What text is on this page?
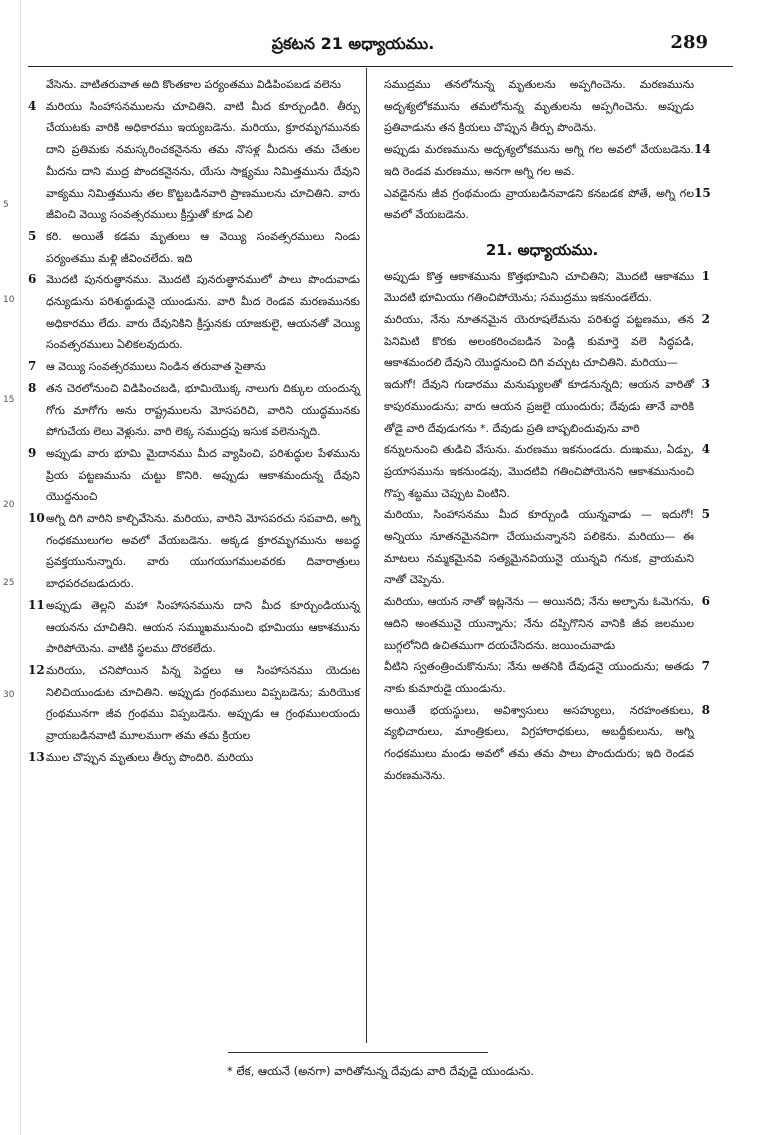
5
10
15
20
25
30
ప్రకటన 21 అధ్యాయము.	289

వేసెను. వాటితరువాత అది కొంతకాల పర్యంతము విడిపింపబడ వలెను

4 మరియు సింహాసనములను చూచితిని. వాటి మీద కూర్చుండిరి. తీర్పు చేయుటకు వారికి అధికారము ఇయ్యబడెను. మరియు, క్రూరమృగమునకు దాని ప్రతిమకు నమస్కరించకనైనను తమ నొసళ్ల మీదను తమ చేతుల మీదను దాని ముద్ర పొందకనైనను, యేసు సాక్ష్యము నిమిత్తమును దేవుని వాక్యము నిమిత్తమును తల కొట్టబడినవారి ప్రాణములను చూచితిని. వారు జీవించి వెయ్యి సంవత్సరములు క్రీస్తుతో కూడ ఏలి

5 కరి. అయితే కడమ మృతులు ఆ వెయ్యి సంవత్సరములు నిండు పర్యంతము మళ్లి జీవించలేదు. ఇది

6 మొదటి పునరుత్థానము. మొదటి పునరుత్థానములో పాలు పొందువాడు ధన్యుడును పరిశుద్ధుడునై యుండును. వారి మీద రెండవ మరణమునకు అధికారము లేదు. వారు దేవునికిని క్రీస్తునకు యాజకులై, ఆయనతో వెయ్యి సంవత్సరములు ఏలికలవుదురు.

7 ఆ వెయ్యి సంవత్సరములు నిండిన తరువాత సైతాను

8 తన చెరలోనుంచి విడిపించబడి, భూమియొక్క నాలుగు దిక్కుల యందున్న గోగు మాగోగు అను రాష్ట్రములను మోసపరిచి, వారిని యుద్ధమునకు పోగుచేయ లెలు వెళ్లును. వారి లెక్క సముద్రపు ఇసుక వలెనున్నది.

9 అప్పుడు వారు భూమి మైదానము మీద వ్యాపించి, పరిశుద్ధుల పేళమును ప్రియ పట్టణమును చుట్టు కొనిరి. అప్పుడు ఆకాశమందున్న దేవుని యొద్దనుంచి

10 అగ్ని దిగి వారిని కాల్చివేసెను. మరియు, వారిని మోసపరచు సపవాది, అగ్ని గంధకములుగల అవలో వేయబడెను. అక్కడ క్రూరమృగమును అబద్ధ ప్రవక్తయునున్నారు. వారు యుగయుగములవరకు దివారాత్రులు బాధపరచబడుదురు.

11 అప్పుడు తెల్లని మహా సింహాసనమును దాని మీద కూర్చుండియున్న ఆయనను చూచితిని. ఆయన సమ్ముఖమునుంచి భూమియు ఆకాశమును పారిపోయెను. వాటికి స్థలము దొరకలేదు.

12 మరియు, చనిపోయిన పిన్న పెద్దలు ఆ సింహాసనము యెదుట నిలిచియుండుట చూచితిని. అప్పుడు గ్రంథములు విప్పబడెను; మరియొక గ్రంథమునగా జీవ గ్రంథము విప్పబడెను. అప్పుడు ఆ గ్రంథములయందు వ్రాయబడినవాటి మూలముగా తమ తమ క్రియల

13 ముల చొప్పున మృతులు తీర్పు పొందిరి. మరియు

సముద్రము తనలోనున్న మృతులను అప్పగించెను. మరణమును అదృశ్యలోకమును తమలోనున్న మృతులను అప్పగించెను. అప్పుడు ప్రతివాడును తన క్రియలు చొప్పున తీర్పు పొందెను.

అప్పుడు మరణమును అదృశ్యలోకమును అగ్ని గల అవలో వేయబడెను. ఇది రెండవ మరణము, అనగా అగ్ని గల అవ.

14

ఎవడైనను జీవ గ్రంథమందు వ్రాయబడినవాడని కనబడక పోతే, అగ్ని గల అవలో వేయబడెను.

15
21. అధ్యాయము.

అప్పుడు కొత్త ఆకాశమును కొత్తభూమిని చూచితిని; మొదటి ఆకాశము మొదటి భూమియు గతించిపోయెను; సముద్రము ఇకనుండలేదు.

1

మరియు, నేను నూతనమైన యెరూషలేమను పరిశుద్ధ పట్టణము, తన పెనిమిటి కొరకు అలంకరించబడిన పెండ్లి కుమార్తె వలె సిద్ధపడి, ఆకాశమందలి దేవుని యొద్దనుంచి దిగి వచ్చుట చూచితిని. మరియు—

2

ఇదుగో! దేవుని గుడారము మనుష్యులతో కూడనున్నది; ఆయన వారితో కాపురముండును; వారు ఆయన ప్రజలై యుందురు; దేవుడు తానే వారికి తోడై వారి దేవుడుగను *. దేవుడు ప్రతి బాష్పబిందువును వారి

3

కన్నులనుంచి తుడిచి వేసును. మరణము ఇకనుండదు. దుఃఖము, ఏడ్పు, ప్రయాసమును ఇకనుండవు, మొదటివి గతించిపోయెనని ఆకాశమునుంచి గొప్ప శబ్దము చెప్పుట వింటిని.

4

మరియు, సింహాసనము మీద కూర్చుండి యున్నవాడు — ఇదుగో! అన్నియు నూతనమైనవిగా చేయుచున్నానని పలికెను. మరియు— ఈ మాటలు నమ్మకమైనవి సత్యమైనవియునై యున్నవి గనుక, వ్రాయమని నాతో చెప్పెను.

5

మరియు, ఆయన నాతో ఇట్లనెను — అయినది; నేను అల్ఫాను ఓమెగను, ఆదిని అంతమునై యున్నాను; నేను దప్పిగొనిన వానికి జీవ జలముల బుగ్గలోనిది ఉచితముగా దయచేసెదను. జయించువాడు

6

వీటిని స్వతంత్రించుకొనును; నేను అతనికి దేవుడనై యుందును; అతడు నాకు కుమారుడై యుండును.

7

అయితే భయస్థులు, అవిశ్వాసులు అసహ్యులు, నరహంతకులు, వ్యభిచారులు, మాంత్రికులు, విగ్రహారాధకులు, అబద్ధీకులును, అగ్ని గంధకములు మండు అవలో తమ తమ పాలు పొందుదురు; ఇది రెండవ మరణమనెను.

8
* లేక, ఆయనే (అనగా) వారితోనున్న దేవుడు వారి దేవుడై యుండును.
